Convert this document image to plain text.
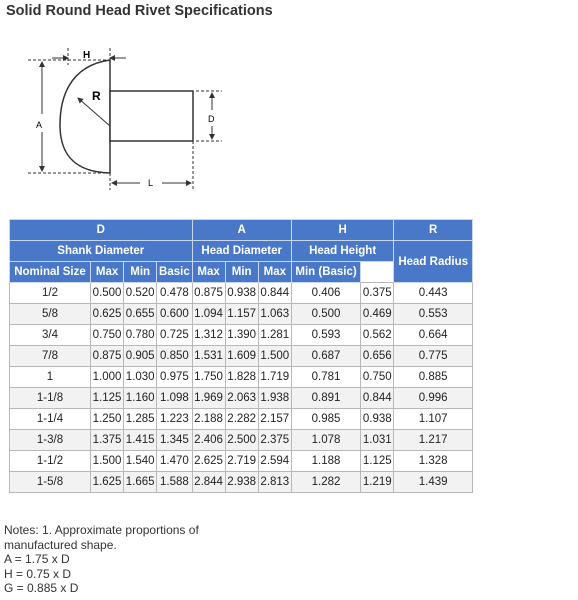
Solid Round Head Rivet Specifications
H
R
A
D
L
D				A			H		R
Shank Diameter				Head Diameter			Head Height		Head Radius
Nominal Size	Max	Min	Basic	Max	Min	Max	Min (Basic)		
1/2	0.500	0.520	0.478	0.875	0.938	0.844	0.406	0.375	0.443
5/8	0.625	0.655	0.600	1.094	1.157	1.063	0.500	0.469	0.553
3/4	0.750	0.780	0.725	1.312	1.390	1.281	0.593	0.562	0.664
7/8	0.875	0.905	0.850	1.531	1.609	1.500	0.687	0.656	0.775
1	1.000	1.030	0.975	1.750	1.828	1.719	0.781	0.750	0.885
1-1/8	1.125	1.160	1.098	1.969	2.063	1.938	0.891	0.844	0.996
1-1/4	1.250	1.285	1.223	2.188	2.282	2.157	0.985	0.938	1.107
1-3/8	1.375	1.415	1.345	2.406	2.500	2.375	1.078	1.031	1.217
1-1/2	1.500	1.540	1.470	2.625	2.719	2.594	1.188	1.125	1.328
1-5/8	1.625	1.665	1.588	2.844	2.938	2.813	1.282	1.219	1.439
Notes: 1. Approximate proportions of
manufactured shape.
A = 1.75 x D
H = 0.75 x D
G = 0.885 x D
